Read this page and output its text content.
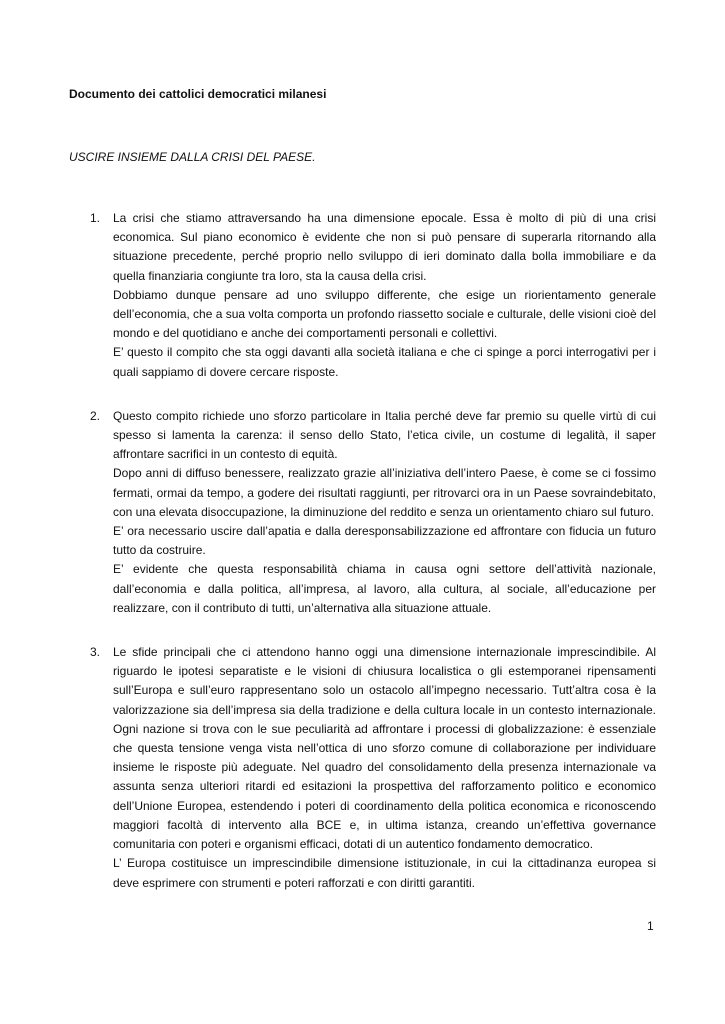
Documento dei cattolici democratici milanesi

USCIRE INSIEME DALLA CRISI DEL PAESE.

1. La crisi che stiamo attraversando ha una dimensione epocale. Essa è molto di più di una crisi economica. Sul piano economico è evidente che non si può pensare di superarla ritornando alla situazione precedente, perché proprio nello sviluppo di ieri dominato dalla bolla immobiliare e da quella finanziaria congiunte tra loro, sta la causa della crisi.

Dobbiamo dunque pensare ad uno sviluppo differente, che esige un riorientamento generale dell’economia, che a sua volta comporta un profondo riassetto sociale e culturale, delle visioni cioè del mondo e del quotidiano e anche dei comportamenti personali e collettivi.

E’ questo il compito che sta oggi davanti alla società italiana e che ci spinge a porci interrogativi per i quali sappiamo di dovere cercare risposte.

2. Questo compito richiede uno sforzo particolare in Italia perché deve far premio su quelle virtù di cui spesso si lamenta la carenza: il senso dello Stato, l’etica civile, un costume di legalità, il saper affrontare sacrifici in un contesto di equità.

Dopo anni di diffuso benessere, realizzato grazie all’iniziativa dell’intero Paese, è come se ci fossimo fermati, ormai da tempo, a godere dei risultati raggiunti, per ritrovarci ora in un Paese sovraindebitato, con una elevata disoccupazione, la diminuzione del reddito e senza un orientamento chiaro sul futuro.

E’ ora necessario uscire dall’apatia e dalla deresponsabilizzazione ed affrontare con fiducia un futuro tutto da costruire.

E’ evidente che questa responsabilità chiama in causa ogni settore dell’attività nazionale, dall’economia e dalla politica, all’impresa, al lavoro, alla cultura, al sociale, all’educazione per realizzare, con il contributo di tutti, un’alternativa alla situazione attuale.

3. Le sfide principali che ci attendono hanno oggi una dimensione internazionale imprescindibile. Al riguardo le ipotesi separatiste e le visioni di chiusura localistica o gli estemporanei ripensamenti sull’Europa e sull’euro rappresentano solo un ostacolo all’impegno necessario. Tutt’altra cosa è la valorizzazione sia dell’impresa sia della tradizione e della cultura locale in un contesto internazionale. Ogni nazione si trova con le sue peculiarità ad affrontare i processi di globalizzazione: è essenziale che questa tensione venga vista nell’ottica di uno sforzo comune di collaborazione per individuare insieme le risposte più adeguate. Nel quadro del consolidamento della presenza internazionale va assunta senza ulteriori ritardi ed esitazioni la prospettiva del rafforzamento politico e economico dell’Unione Europea, estendendo i poteri di coordinamento della politica economica e riconoscendo maggiori facoltà di intervento alla BCE e, in ultima istanza, creando un’effettiva governance comunitaria con poteri e organismi efficaci, dotati di un autentico fondamento democratico.

L’ Europa costituisce un imprescindibile dimensione istituzionale, in cui la cittadinanza europea si deve esprimere con strumenti e poteri rafforzati e con diritti garantiti.

1
